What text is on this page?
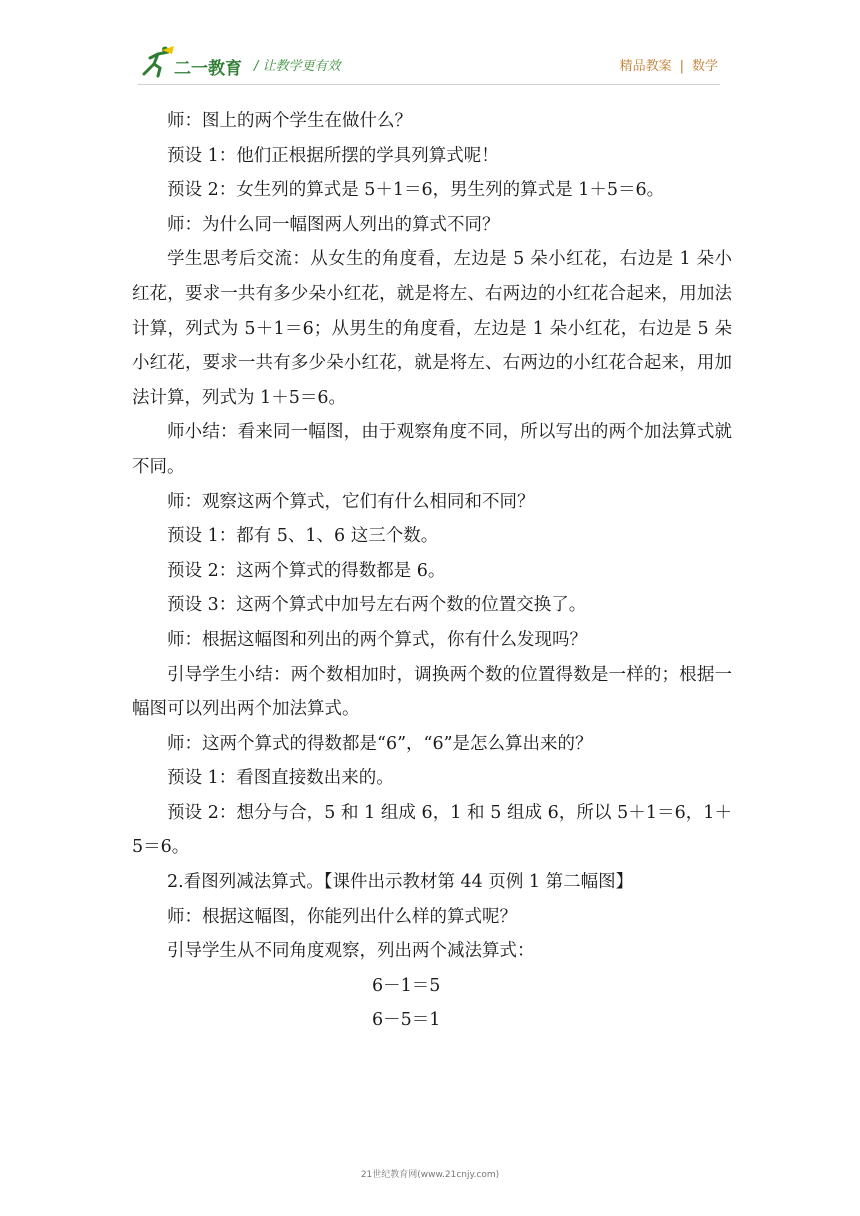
二一教育 / 让教学更有效	精品教案 | 数学

师：图上的两个学生在做什么？

预设 1：他们正根据所摆的学具列算式呢！

预设 2：女生列的算式是 5＋1＝6，男生列的算式是 1＋5＝6。

师：为什么同一幅图两人列出的算式不同？

学生思考后交流：从女生的角度看，左边是 5 朵小红花，右边是 1 朵小红花，要求一共有多少朵小红花，就是将左、右两边的小红花合起来，用加法计算，列式为 5＋1＝6；从男生的角度看，左边是 1 朵小红花，右边是 5 朵小红花，要求一共有多少朵小红花，就是将左、右两边的小红花合起来，用加法计算，列式为 1＋5＝6。

师小结：看来同一幅图，由于观察角度不同，所以写出的两个加法算式就不同。

师：观察这两个算式，它们有什么相同和不同？

预设 1：都有 5、1、6 这三个数。

预设 2：这两个算式的得数都是 6。

预设 3：这两个算式中加号左右两个数的位置交换了。

师：根据这幅图和列出的两个算式，你有什么发现吗？

引导学生小结：两个数相加时，调换两个数的位置得数是一样的；根据一幅图可以列出两个加法算式。

师：这两个算式的得数都是“6”，“6”是怎么算出来的？

预设 1：看图直接数出来的。

预设 2：想分与合，5 和 1 组成 6，1 和 5 组成 6，所以 5＋1＝6，1＋5＝6。

2.看图列减法算式。【课件出示教材第 44 页例 1 第二幅图】

师：根据这幅图，你能列出什么样的算式呢？

引导学生从不同角度观察，列出两个减法算式：

6－1＝5

6－5＝1

21世纪教育网(www.21cnjy.com)
